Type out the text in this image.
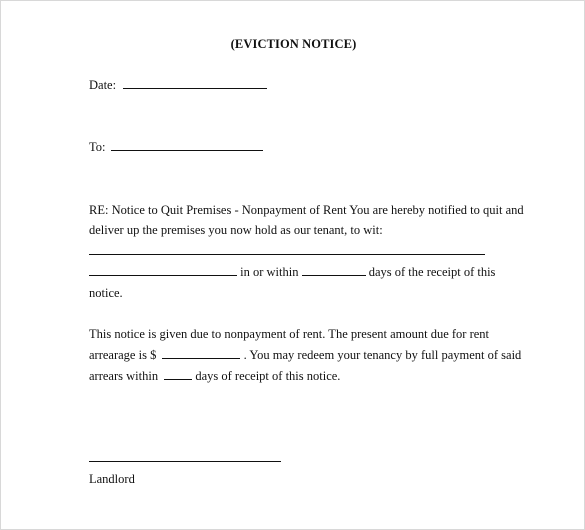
(EVICTION NOTICE)
Date:
To:
RE: Notice to Quit Premises - Nonpayment of Rent You are hereby notified to quit and
deliver up the premises you now hold as our tenant, to wit:
in or within	days of the receipt of this
notice.
This notice is given due to nonpayment of rent. The present amount due for rent
arrearage is $	. You may redeem your tenancy by full payment of said
arrears within	days of receipt of this notice.
Landlord
